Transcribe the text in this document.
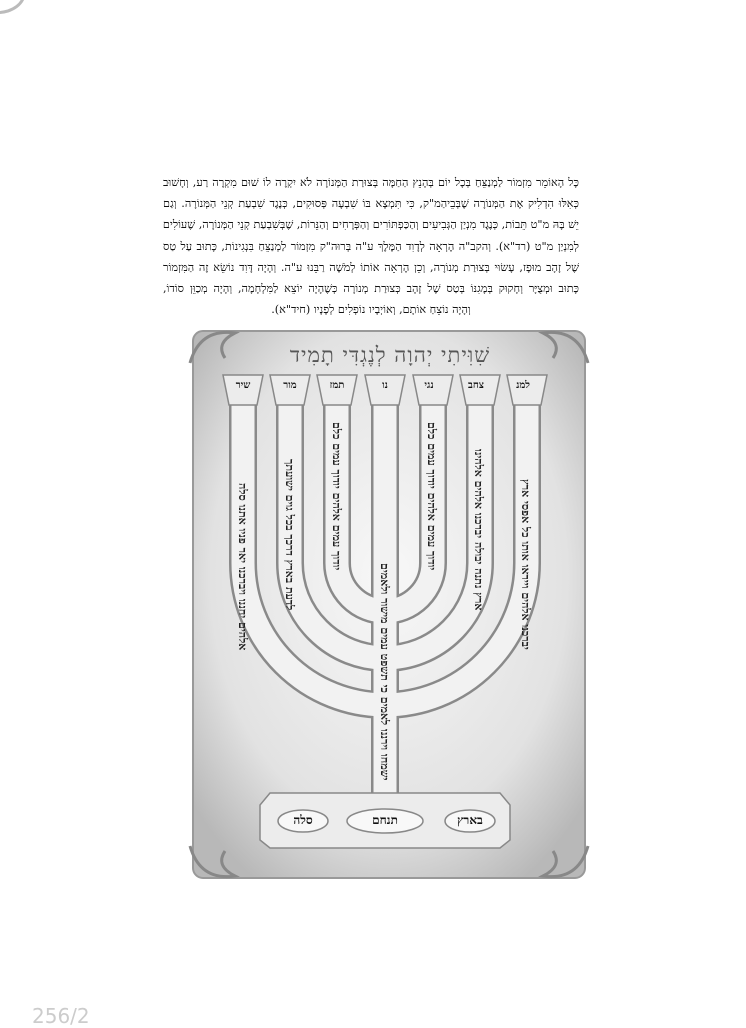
כָּל הָאוֹמֵר מִזְמוֹר לַמְנַצֵּחַ בְּכָל יוֹם בְּהָנֵץ הַחַמָּה בְּצוּרַת הַמְּנוֹרָה לֹא יִקְרֶה לוֹ שׁוּם מִקְרֶה רַע, וְחָשׁוּב
כְּאִלּוּ הִדְלִיק אֶת הַמְּנוֹרָה שֶׁבְּבֵיהַמ"ק, כִּי תִּמְצָא בּוֹ שִׁבְעָה פְּסוּקִים, כְּנֶגֶד שִׁבְעַת קְנֵי הַמְּנוֹרָה. וְגַם
יֵשׁ בָּהּ מ"ט תֵּבוֹת, כְּנֶגֶד מִנְיַן הַגְּבִיעִים וְהַכַּפְתּוֹרִים וְהַפְּרָחִים וְהַנֵּרוֹת, שֶׁבְּשִׁבְעַת קְנֵי הַמְּנוֹרָה, שֶׁעוֹלִים
לְמִנְיַן מ"ט (רד"א). וְהקב"ה הֶרְאָה לְדָוִד הַמֶּלֶךְ ע"ה בְּרוּה"ק מִזְמוֹר לַמְנַצֵּחַ בִּנְגִינוֹת, כָּתוּב עַל טַס
שֶׁל זָהָב מוּפָז, עָשׂוּי בְּצוּרַת מְנוֹרָה, וְכֵן הֶרְאָה אוֹתוֹ לְמֹשֶׁה רַבֵּנוּ ע"ה. וְהָיָה דָּוִד נוֹשֵׂא זֶה הַמִּזְמוֹר
כָּתוּב וּמְצֻיָּר וְחָקוּק בְּמָגִנּוֹ בְּטַס שֶׁל זָהָב כְּצוּרַת מְנוֹרָה כְּשֶׁהָיָה יוֹצֵא לַמִּלְחָמָה, וְהָיָה מְכַוֵּן סוֹדוֹ,
וְהָיָה נוֹצֵחַ אוֹתָם, וְאוֹיְבָיו נוֹפְלִים לְפָנָיו (חיד"א).
שִׁוִּיתִי יְהוָה לְנֶגְדִּי תָמִיד
למנ
צחב
נגי
נו
תמז
מור
שיר
אלהים יחננו ויברכנו יאר פניו אתנו סלה	לדעת בארץ דרכך בכל גוים ישועתך	יודוך עמים אלהים יודוך עמים כלם
ישמחו וירננו לאמים כי תשפט עמים מישור ולאמים
יודוך עמים אלהים יודוך עמים כלם	ארץ נתנה יבולה יברכנו אלהים אלהינו	יברכנו אלהים וייראו אותו כל אפסי ארץ
סלה	תנחם	בארץ
256/2
